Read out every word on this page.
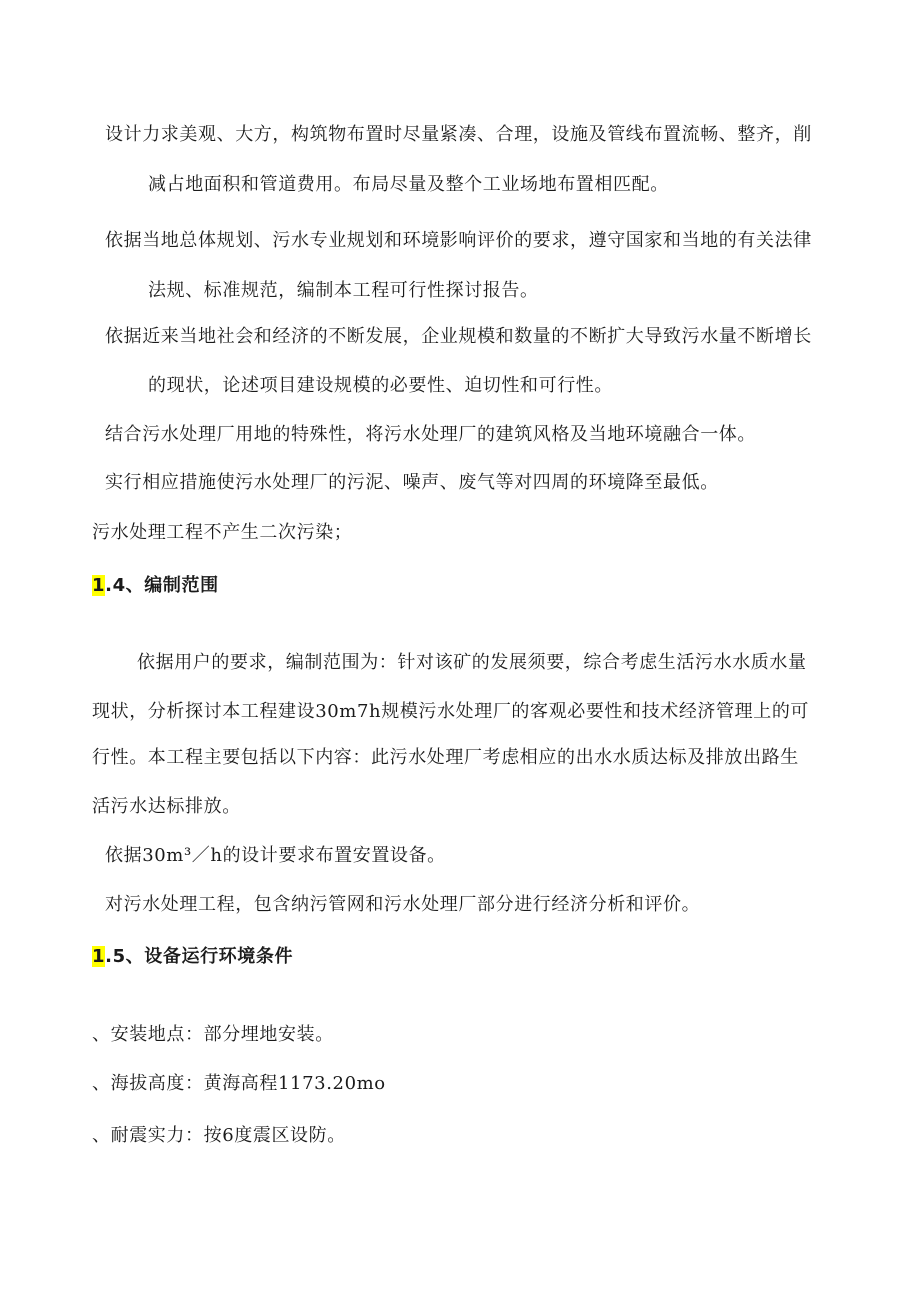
设计力求美观、大方，构筑物布置时尽量紧凑、合理，设施及管线布置流畅、整齐，削
减占地面积和管道费用。布局尽量及整个工业场地布置相匹配。
依据当地总体规划、污水专业规划和环境影响评价的要求，遵守国家和当地的有关法律
法规、标准规范，编制本工程可行性探讨报告。
依据近来当地社会和经济的不断发展，企业规模和数量的不断扩大导致污水量不断增长
的现状，论述项目建设规模的必要性、迫切性和可行性。
结合污水处理厂用地的特殊性，将污水处理厂的建筑风格及当地环境融合一体。
实行相应措施使污水处理厂的污泥、噪声、废气等对四周的环境降至最低。
污水处理工程不产生二次污染；
1.4、编制范围
依据用户的要求，编制范围为：针对该矿的发展须要，综合考虑生活污水水质水量
现状，分析探讨本工程建设30m7h规模污水处理厂的客观必要性和技术经济管理上的可
行性。本工程主要包括以下内容：此污水处理厂考虑相应的出水水质达标及排放出路生
活污水达标排放。
依据30m³／h的设计要求布置安置设备。
对污水处理工程，包含纳污管网和污水处理厂部分进行经济分析和评价。
1.5、设备运行环境条件
、安装地点：部分埋地安装。
、海拔高度：黄海高程1173.20mo
、耐震实力：按6度震区设防。
